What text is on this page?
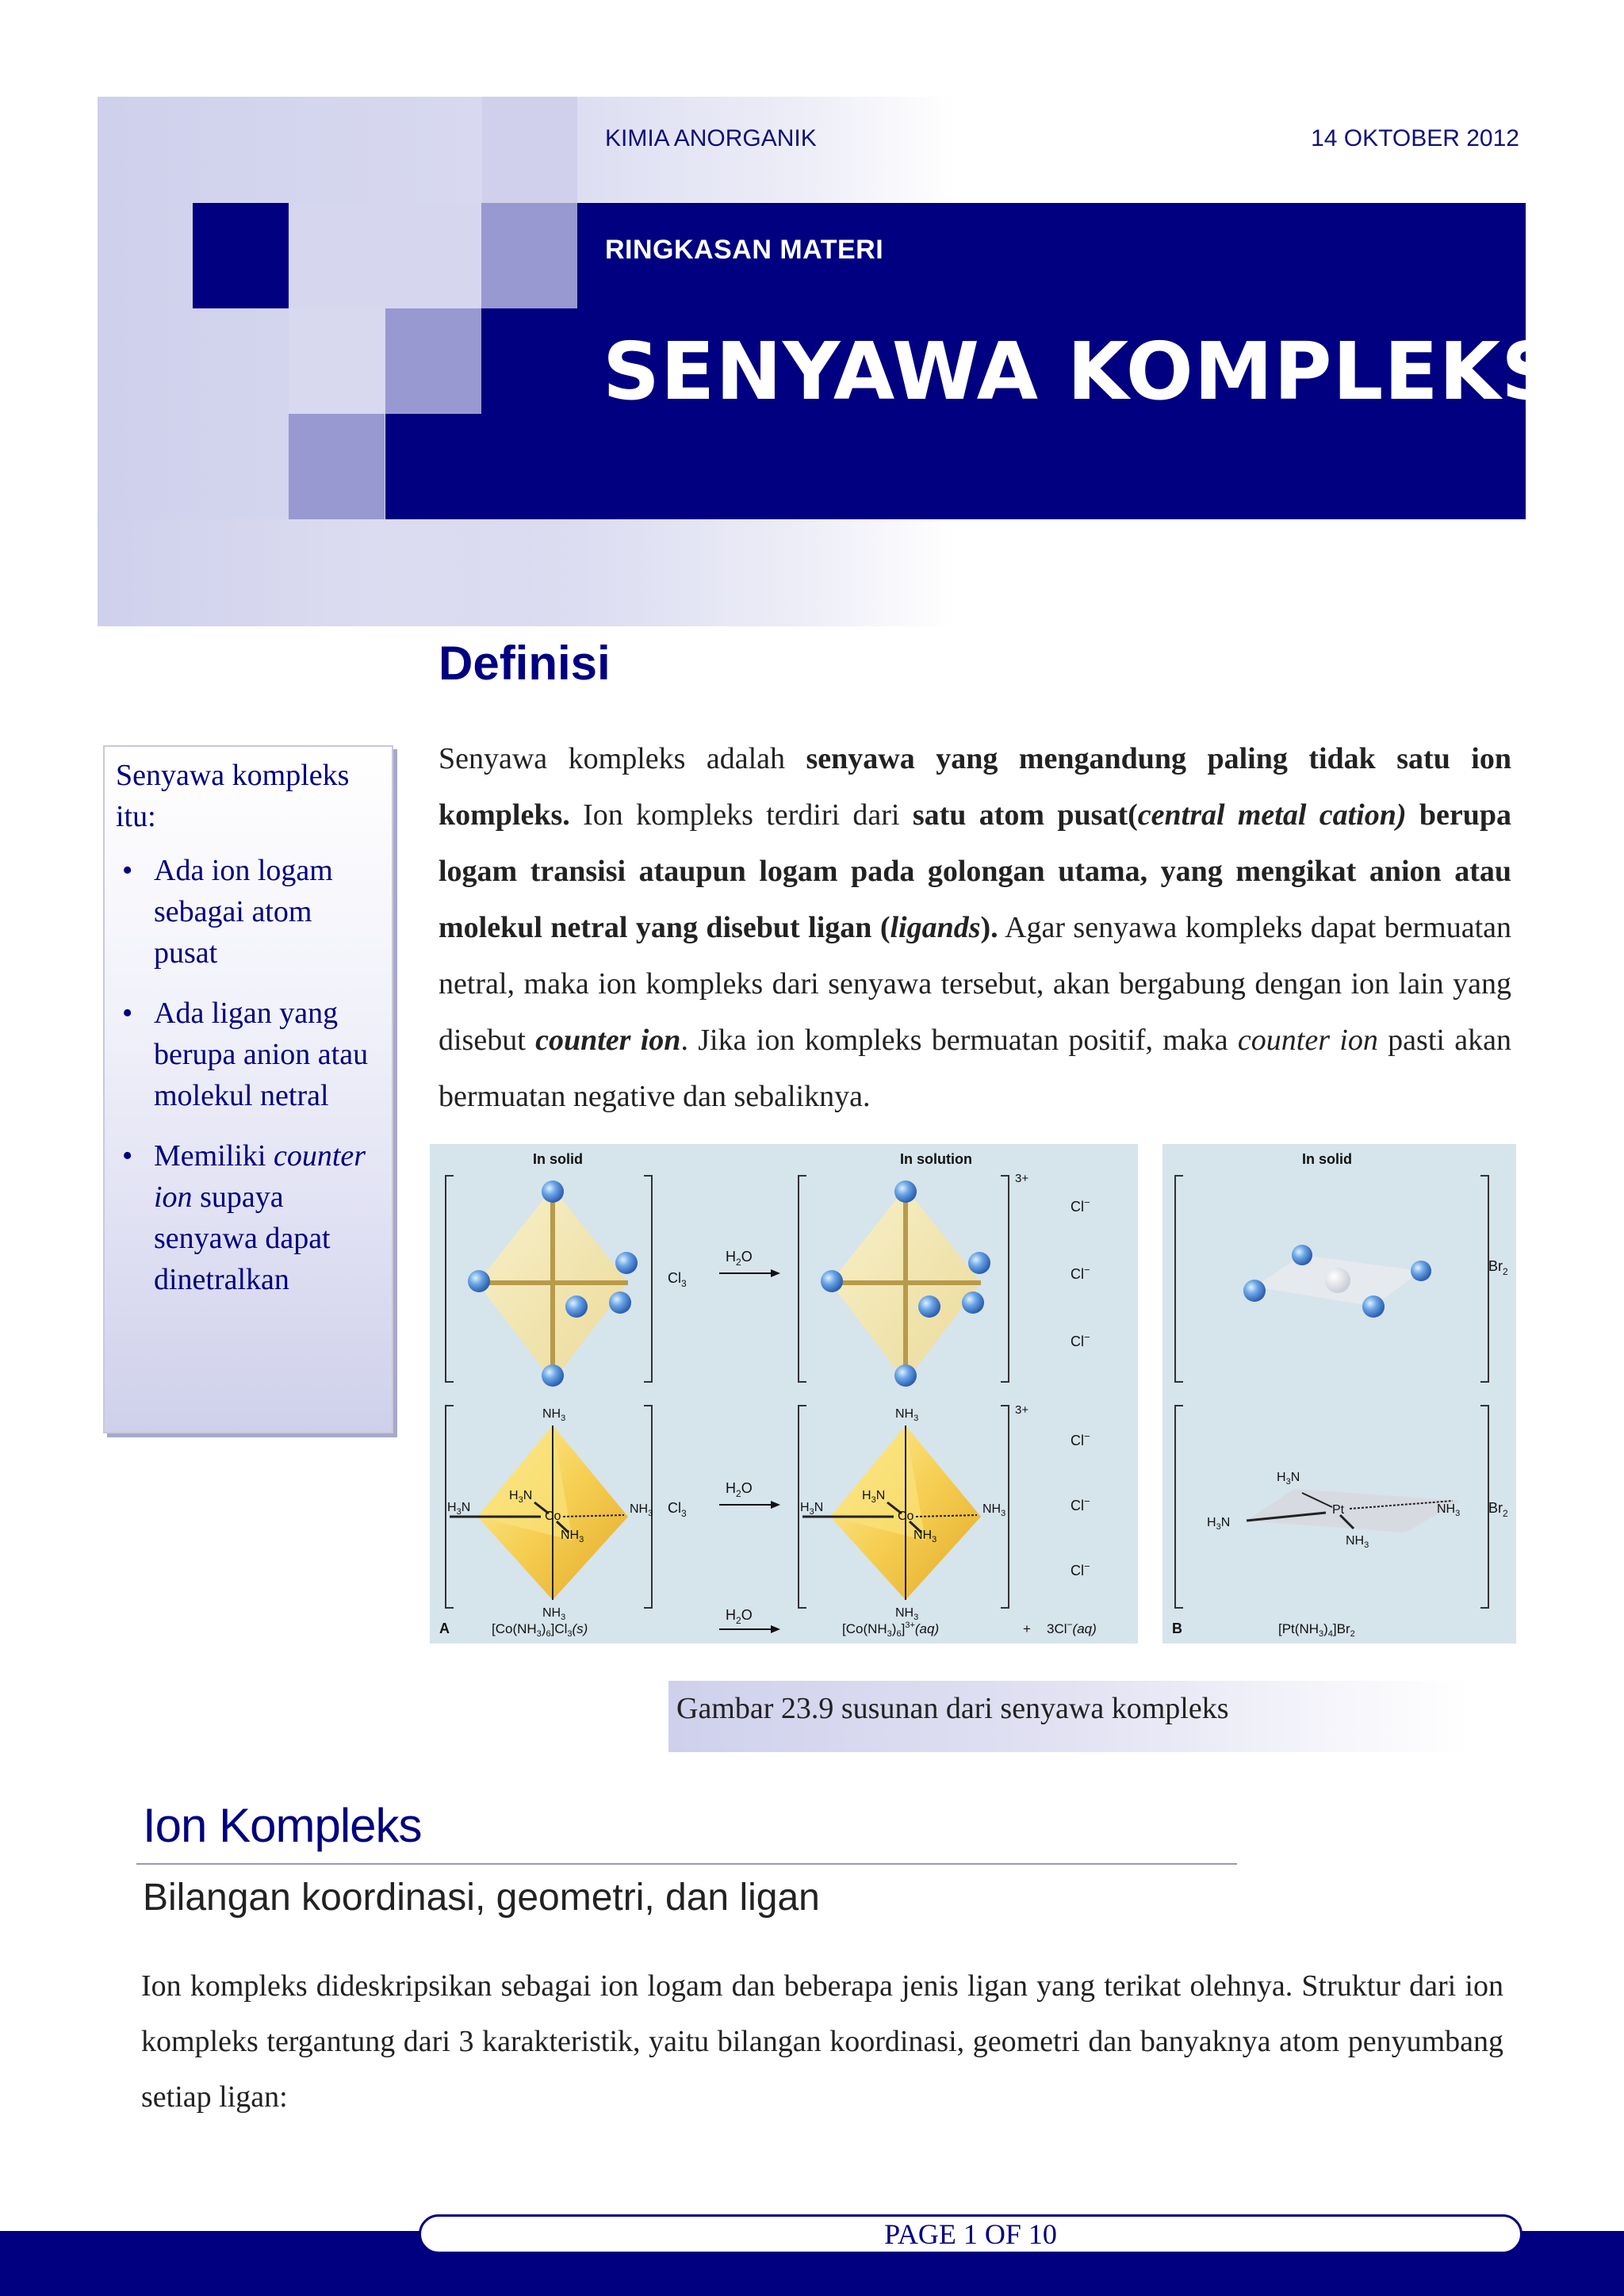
KIMIA ANORGANIK	14 OKTOBER 2012
RINGKASAN MATERI
SENYAWA KOMPLEKS
Definisi
Senyawa kompleks itu:
• Ada ion logam sebagai atom pusat
• Ada ligan yang berupa anion atau molekul netral
• Memiliki counter ion supaya senyawa dapat dinetralkan
Senyawa kompleks adalah senyawa yang mengandung paling tidak satu ion kompleks. Ion kompleks terdiri dari satu atom pusat(central metal cation) berupa logam transisi ataupun logam pada golongan utama, yang mengikat anion atau molekul netral yang disebut ligan (ligands). Agar senyawa kompleks dapat bermuatan netral, maka ion kompleks dari senyawa tersebut, akan bergabung dengan ion lain yang disebut counter ion. Jika ion kompleks bermuatan positif, maka counter ion pasti akan bermuatan negative dan sebaliknya.
In solid	In solution
$Cl_3$
$H_2O$
3+
Cl−
Cl−
Cl−
$NH_3$
$H_3N$
Co
$NH_3$
$H_3N$	$NH_3$
$NH_3$
$Cl_3$
$H_2O$
$NH_3$
$H_3N$
Co
$NH_3$
$H_3N$	$NH_3$
$NH_3$
3+
Cl−
Cl−
Cl−
A	$[Co(NH_3)_6]Cl_3(s)$
$H_2O$
$[Co(NH_3)_6]^{3+}(aq)$	+ 3Cl−(aq)
In solid
$Br_2$
$H_3N$
Pt
$H_3N$
$NH_3$
$NH_3$
$Br_2$
B	$[Pt(NH_3)_4]Br_2$
Gambar 23.9 susunan dari senyawa kompleks
Ion Kompleks
Bilangan koordinasi, geometri, dan ligan
Ion kompleks dideskripsikan sebagai ion logam dan beberapa jenis ligan yang terikat olehnya. Struktur dari ion kompleks tergantung dari 3 karakteristik, yaitu bilangan koordinasi, geometri dan banyaknya atom penyumbang setiap ligan:
PAGE 1 OF 10
